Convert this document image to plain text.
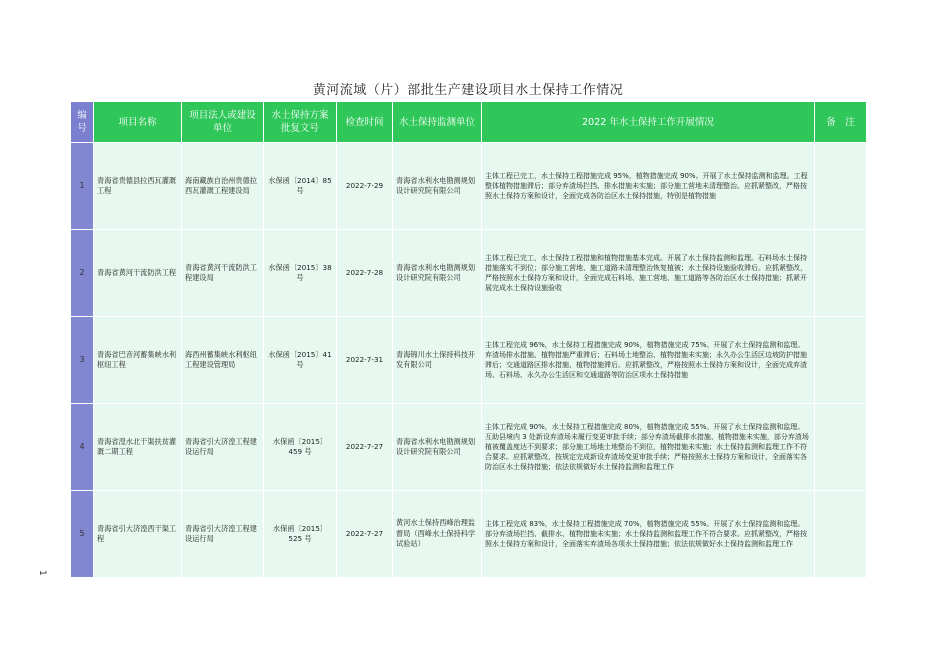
黄河流域（片）部批生产建设项目水土保持工作情况
编号	项目名称	项目法人或建设单位	水土保持方案批复文号	检查时间	水土保持监测单位	2022 年水土保持工作开展情况	备　注
1	青海省贵德县拉西瓦灌溉工程	海南藏族自治州贵德拉西瓦灌溉工程建设局	水保函〔2014〕85 号	2022-7-29	青海省水利水电勘测规划设计研究院有限公司	主体工程已完工，水土保持工程措施完成 95%，植物措施完成 90%。开展了水土保持监测和监理。工程整体植物措施滞后；部分弃渣场拦挡、排水措施未实施；部分施工营地未清理整治。应抓紧整改，严格按照水土保持方案和设计，全面完成各防治区水土保持措施，特别是植物措施	
2	青海省黄河干流防洪工程	青海省黄河干流防洪工程建设局	水保函〔2015〕38 号	2022-7-28	青海省水利水电勘测规划设计研究院有限公司	主体工程已完工，水土保持工程措施和植物措施基本完成。开展了水土保持监测和监理。石料场水土保持措施落实不到位；部分施工营地、施工道路未清理整治恢复植被；水土保持设施验收滞后。应抓紧整改，严格按照水土保持方案和设计，全面完成石料场、施工营地、施工道路等各防治区水土保持措施；抓紧开展完成水土保持设施验收	
3	青海省巴音河蓄集峡水利枢纽工程	海西州蓄集峡水利枢纽工程建设管理局	水保函〔2015〕41 号	2022-7-31	青海锦川水土保持科技开发有限公司	主体工程完成 96%，水土保持工程措施完成 90%，植物措施完成 75%。开展了水土保持监测和监理。弃渣场排水措施、植物措施严重滞后；石料场土地整治、植物措施未实施；永久办公生活区边坡防护措施滞后；交通道路区排水措施、植物措施滞后。应抓紧整改，严格按照水土保持方案和设计，全面完成弃渣场、石料场、永久办公生活区和交通道路等防治区项水土保持措施	
4	青海省湟水北干渠扶贫灌溉二期工程	青海省引大济湟工程建设运行局	水保函〔2015〕459 号	2022-7-27	青海省水利水电勘测规划设计研究院有限公司	主体工程完成 90%，水土保持工程措施完成 80%，植物措施完成 55%。开展了水土保持监测和监理。互助县境内 3 处新设弃渣场未履行变更审批手续；部分弃渣场截排水措施、植物措施未实施，部分弃渣场植被覆盖度达不到要求；部分施工场地土地整治不到位，植物措施未实施；水土保持监测和监理工作不符合要求。应抓紧整改，按规定完成新设弃渣场变更审批手续；严格按照水土保持方案和设计，全面落实各防治区水土保持措施；依法依规做好水土保持监测和监理工作	
5	青海省引大济湟西干渠工程	青海省引大济湟工程建设运行局	水保函〔2015〕525 号	2022-7-27	黄河水土保持西峰治理监督局（西峰水土保持科学试验站）	主体工程完成 83%，水土保持工程措施完成 70%，植物措施完成 55%。开展了水土保持监测和监理。部分弃渣场拦挡、截排水、植物措施未实施；水土保持监测和监理工作不符合要求。应抓紧整改，严格按照水土保持方案和设计，全面落实弃渣场各项水土保持措施；依法依规做好水土保持监测和监理工作	
1
